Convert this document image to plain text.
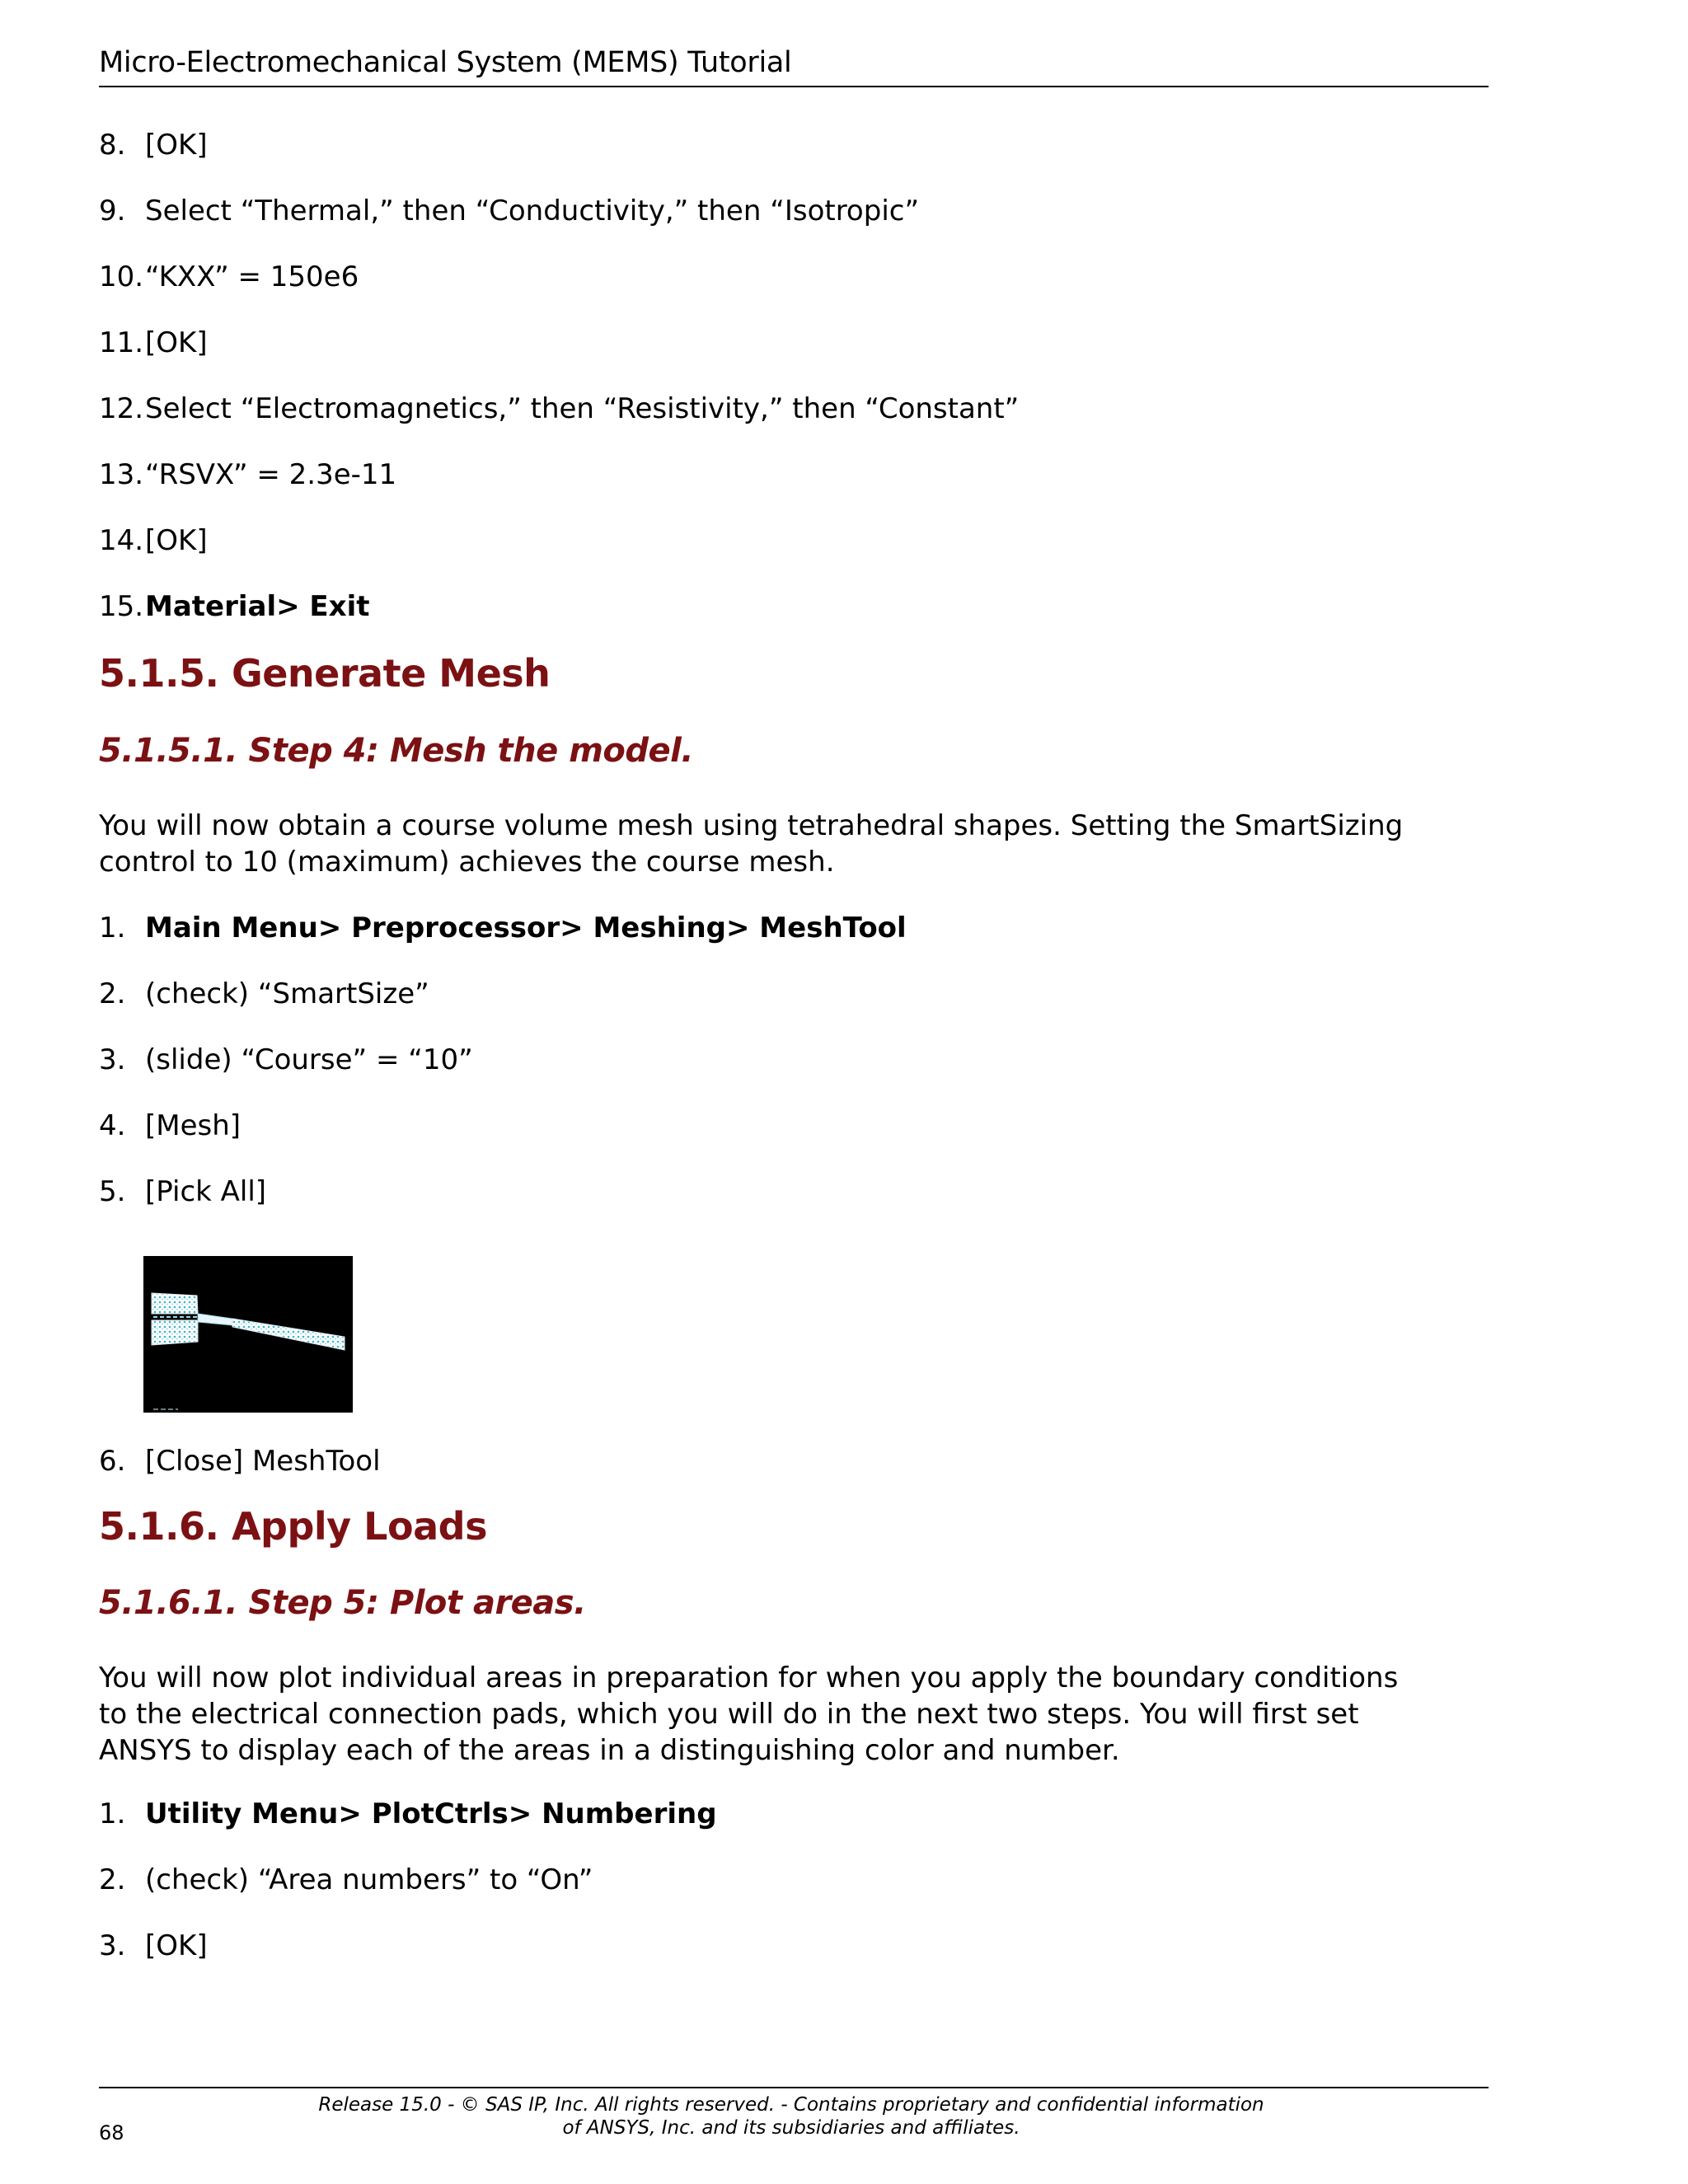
Micro-Electromechanical System (MEMS) Tutorial
8. [OK]
9. Select “Thermal,” then “Conductivity,” then “Isotropic”
10.“KXX” = 150e6
11.[OK]
12.Select “Electromagnetics,” then “Resistivity,” then “Constant”
13.“RSVX” = 2.3e-11
14.[OK]
15.Material> Exit
5.1.5. Generate Mesh
5.1.5.1. Step 4: Mesh the model.
You will now obtain a course volume mesh using tetrahedral shapes. Setting the SmartSizing control to 10 (maximum) achieves the course mesh.
1. Main Menu> Preprocessor> Meshing> MeshTool
2. (check) “SmartSize”
3. (slide) “Course” = “10”
4. [Mesh]
5. [Pick All]
6. [Close] MeshTool
5.1.6. Apply Loads
5.1.6.1. Step 5: Plot areas.
You will now plot individual areas in preparation for when you apply the boundary conditions to the electrical connection pads, which you will do in the next two steps. You will first set ANSYS to display each of the areas in a distinguishing color and number.
1. Utility Menu> PlotCtrls> Numbering
2. (check) “Area numbers” to “On”
3. [OK]
68
Release 15.0 - © SAS IP, Inc. All rights reserved. - Contains proprietary and confidential information
of ANSYS, Inc. and its subsidiaries and affiliates.
